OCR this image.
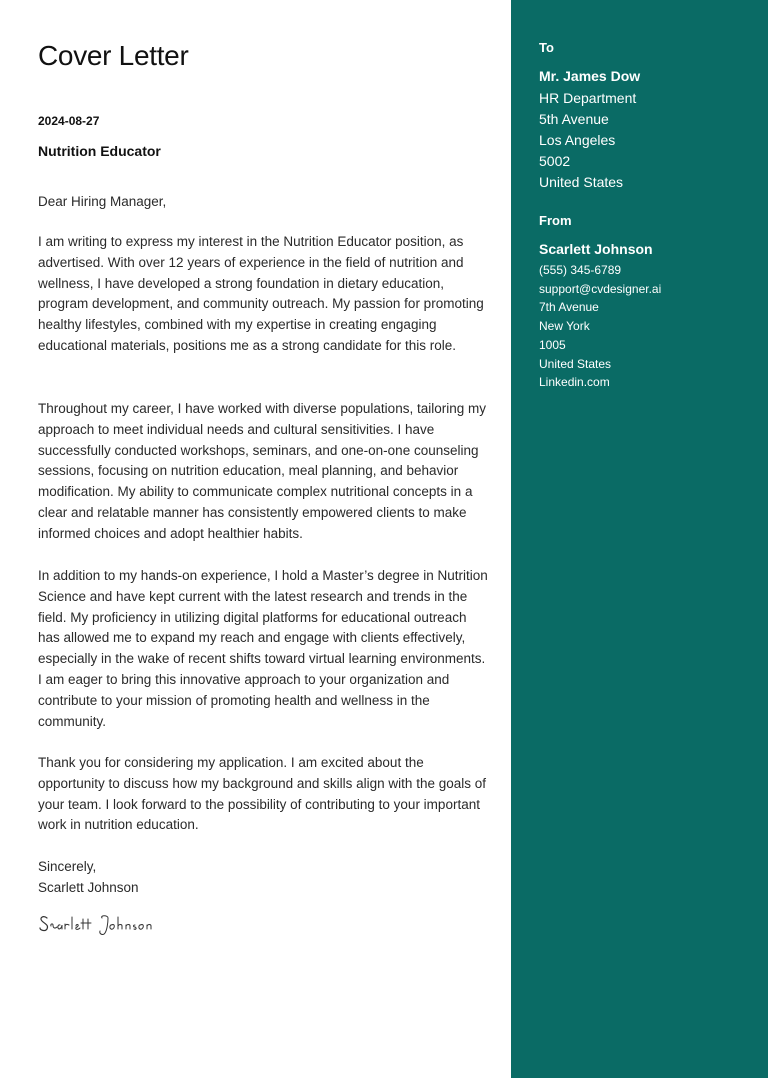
Cover Letter
2024-08-27
Nutrition Educator
Dear Hiring Manager,
I am writing to express my interest in the Nutrition Educator position, as advertised. With over 12 years of experience in the field of nutrition and wellness, I have developed a strong foundation in dietary education, program development, and community outreach. My passion for promoting healthy lifestyles, combined with my expertise in creating engaging educational materials, positions me as a strong candidate for this role.
Throughout my career, I have worked with diverse populations, tailoring my approach to meet individual needs and cultural sensitivities. I have successfully conducted workshops, seminars, and one-on-one counseling sessions, focusing on nutrition education, meal planning, and behavior modification. My ability to communicate complex nutritional concepts in a clear and relatable manner has consistently empowered clients to make informed choices and adopt healthier habits.
In addition to my hands-on experience, I hold a Master’s degree in Nutrition Science and have kept current with the latest research and trends in the field. My proficiency in utilizing digital platforms for educational outreach has allowed me to expand my reach and engage with clients effectively, especially in the wake of recent shifts toward virtual learning environments. I am eager to bring this innovative approach to your organization and contribute to your mission of promoting health and wellness in the community.
Thank you for considering my application. I am excited about the opportunity to discuss how my background and skills align with the goals of your team. I look forward to the possibility of contributing to your important work in nutrition education.
Sincerely,
Scarlett Johnson
To
Mr. James Dow
HR Department
5th Avenue
Los Angeles
5002
United States
From
Scarlett Johnson
(555) 345-6789
support@cvdesigner.ai
7th Avenue
New York
1005
United States
Linkedin.com
